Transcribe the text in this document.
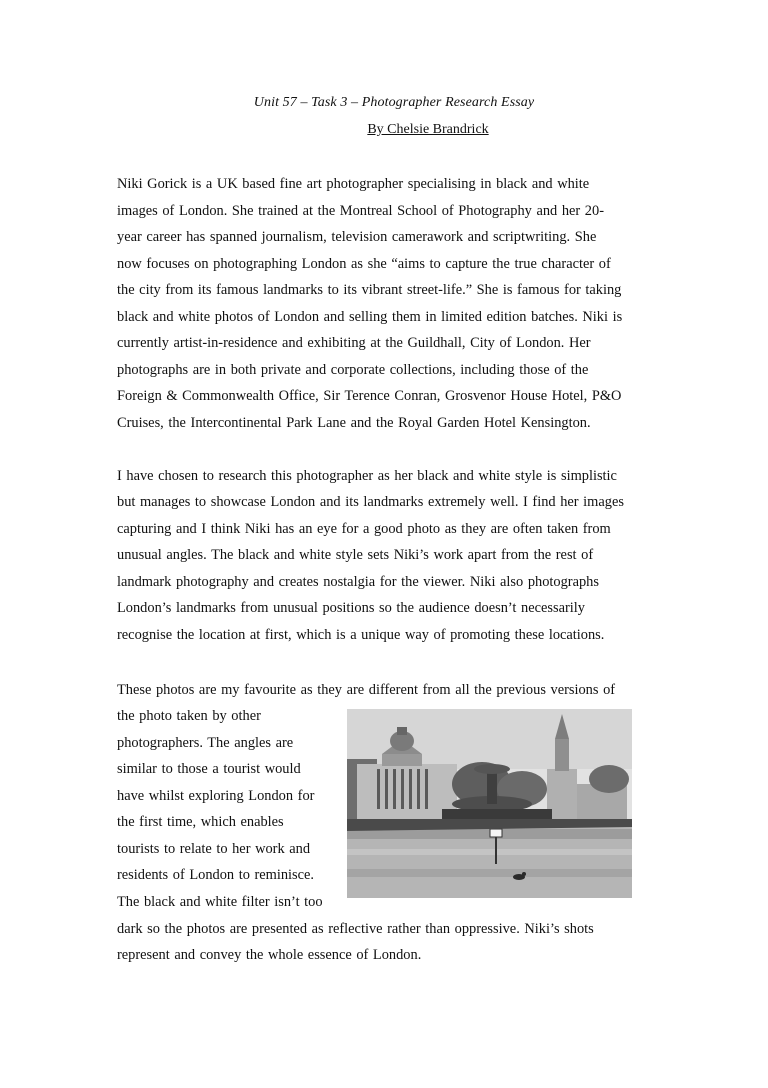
Unit 57 – Task 3 – Photographer Research Essay
By Chelsie Brandrick
Niki Gorick is a UK based fine art photographer specialising in black and white
images of London. She trained at the Montreal School of Photography and her 20-
year career has spanned journalism, television camerawork and scriptwriting. She
now focuses on photographing London as she “aims to capture the true character of
the city from its famous landmarks to its vibrant street-life.” She is famous for taking
black and white photos of London and selling them in limited edition batches. Niki is
currently artist-in-residence and exhibiting at the Guildhall, City of London. Her
photographs are in both private and corporate collections, including those of the
Foreign & Commonwealth Office, Sir Terence Conran, Grosvenor House Hotel, P&O
Cruises, the Intercontinental Park Lane and the Royal Garden Hotel Kensington.
I have chosen to research this photographer as her black and white style is simplistic
but manages to showcase London and its landmarks extremely well. I find her images
capturing and I think Niki has an eye for a good photo as they are often taken from
unusual angles. The black and white style sets Niki’s work apart from the rest of
landmark photography and creates nostalgia for the viewer. Niki also photographs
London’s landmarks from unusual positions so the audience doesn’t necessarily
recognise the location at first, which is a unique way of promoting these locations.
These photos are my favourite as they are different from all the previous versions of
the photo taken by other
photographers. The angles are
similar to those a tourist would
have whilst exploring London for
the first time, which enables
tourists to relate to her work and
residents of London to reminisce.
The black and white filter isn’t too
dark so the photos are presented as reflective rather than oppressive. Niki’s shots
represent and convey the whole essence of London.
